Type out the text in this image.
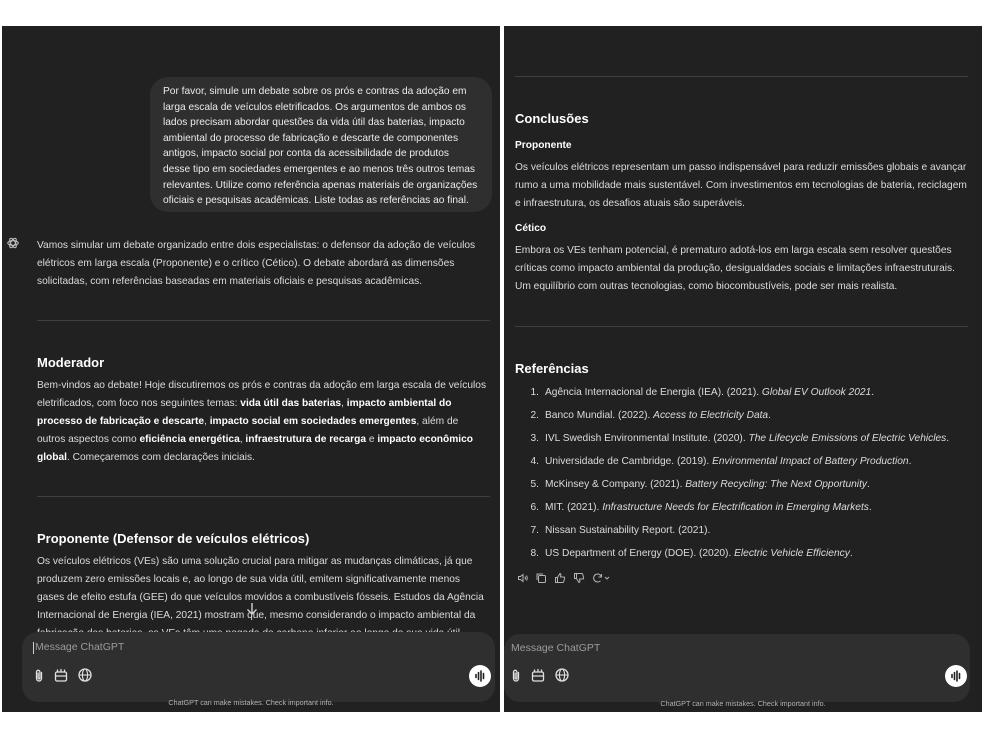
Por favor, simule um debate sobre os prós e contras da adoção em larga escala de veículos eletrificados. Os argumentos de ambos os lados precisam abordar questões da vida útil das baterias, impacto ambiental do processo de fabricação e descarte de componentes antigos, impacto social por conta da acessibilidade de produtos desse tipo em sociedades emergentes e ao menos três outros temas relevantes. Utilize como referência apenas materiais de organizações oficiais e pesquisas acadêmicas. Liste todas as referências ao final.
Vamos simular um debate organizado entre dois especialistas: o defensor da adoção de veículos elétricos em larga escala (Proponente) e o crítico (Cético). O debate abordará as dimensões solicitadas, com referências baseadas em materiais oficiais e pesquisas acadêmicas.
Moderador
Bem-vindos ao debate! Hoje discutiremos os prós e contras da adoção em larga escala de veículos eletrificados, com foco nos seguintes temas: vida útil das baterias, impacto ambiental do processo de fabricação e descarte, impacto social em sociedades emergentes, além de outros aspectos como eficiência energética, infraestrutura de recarga e impacto econômico global. Começaremos com declarações iniciais.
Proponente (Defensor de veículos elétricos)
Os veículos elétricos (VEs) são uma solução crucial para mitigar as mudanças climáticas, já que produzem zero emissões locais e, ao longo de sua vida útil, emitem significativamente menos gases de efeito estufa (GEE) do que veículos movidos a combustíveis fósseis. Estudos da Agência Internacional de Energia (IEA, 2021) mostram que, mesmo considerando o impacto ambiental da
Message ChatGPT
ChatGPT can make mistakes. Check important info.
Conclusões
Proponente
Os veículos elétricos representam um passo indispensável para reduzir emissões globais e avançar rumo a uma mobilidade mais sustentável. Com investimentos em tecnologias de bateria, reciclagem e infraestrutura, os desafios atuais são superáveis.
Cético
Embora os VEs tenham potencial, é prematuro adotá-los em larga escala sem resolver questões críticas como impacto ambiental da produção, desigualdades sociais e limitações infraestruturais. Um equilíbrio com outras tecnologias, como biocombustíveis, pode ser mais realista.
Referências
1. Agência Internacional de Energia (IEA). (2021). Global EV Outlook 2021.
2. Banco Mundial. (2022). Access to Electricity Data.
3. IVL Swedish Environmental Institute. (2020). The Lifecycle Emissions of Electric Vehicles.
4. Universidade de Cambridge. (2019). Environmental Impact of Battery Production.
5. McKinsey & Company. (2021). Battery Recycling: The Next Opportunity.
6. MIT. (2021). Infrastructure Needs for Electrification in Emerging Markets.
7. Nissan Sustainability Report. (2021).
8. US Department of Energy (DOE). (2020). Electric Vehicle Efficiency.
Message ChatGPT
ChatGPT can make mistakes. Check important info.
